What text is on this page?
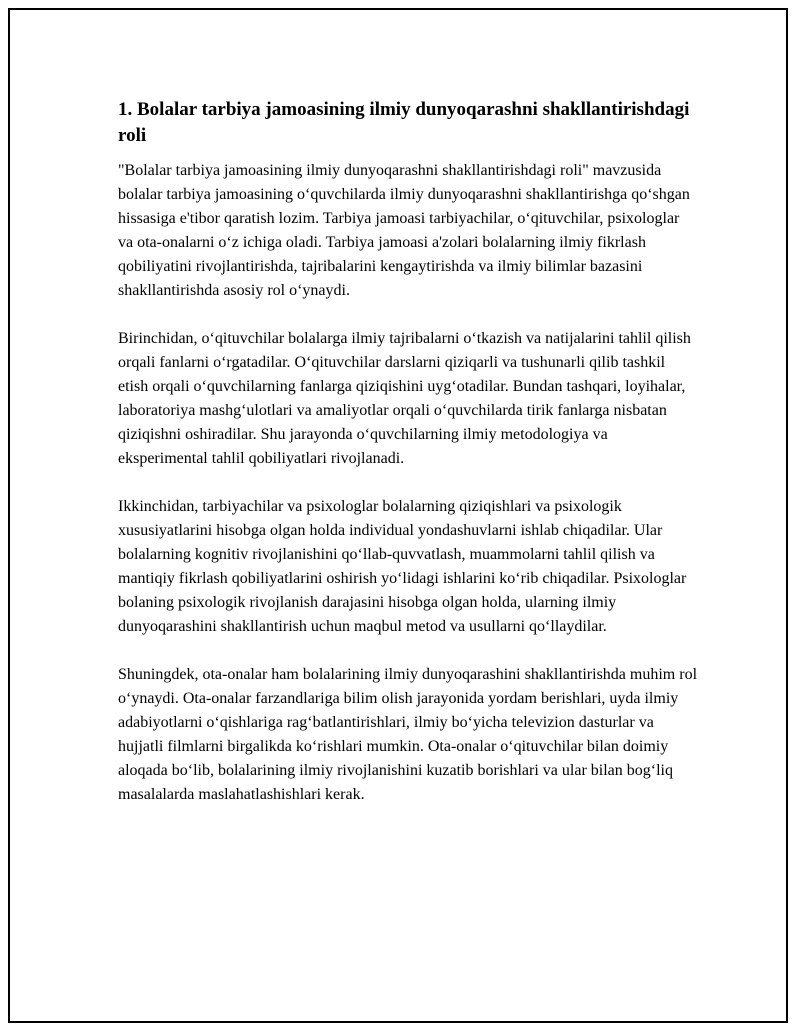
1. Bolalar tarbiya jamoasining ilmiy dunyoqarashni shakllantirishdagi roli

"Bolalar tarbiya jamoasining ilmiy dunyoqarashni shakllantirishdagi roli" mavzusida bolalar tarbiya jamoasining o‘quvchilarda ilmiy dunyoqarashni shakllantirishga qo‘shgan hissasiga e'tibor qaratish lozim. Tarbiya jamoasi tarbiyachilar, o‘qituvchilar, psixologlar va ota-onalarni o‘z ichiga oladi. Tarbiya jamoasi a'zolari bolalarning ilmiy fikrlash qobiliyatini rivojlantirishda, tajribalarini kengaytirishda va ilmiy bilimlar bazasini shakllantirishda asosiy rol o‘ynaydi.

Birinchidan, o‘qituvchilar bolalarga ilmiy tajribalarni o‘tkazish va natijalarini tahlil qilish orqali fanlarni o‘rgatadilar. O‘qituvchilar darslarni qiziqarli va tushunarli qilib tashkil etish orqali o‘quvchilarning fanlarga qiziqishini uyg‘otadilar. Bundan tashqari, loyihalar, laboratoriya mashg‘ulotlari va amaliyotlar orqali o‘quvchilarda tirik fanlarga nisbatan qiziqishni oshiradilar. Shu jarayonda o‘quvchilarning ilmiy metodologiya va eksperimental tahlil qobiliyatlari rivojlanadi.

Ikkinchidan, tarbiyachilar va psixologlar bolalarning qiziqishlari va psixologik xususiyatlarini hisobga olgan holda individual yondashuvlarni ishlab chiqadilar. Ular bolalarning kognitiv rivojlanishini qo‘llab-quvvatlash, muammolarni tahlil qilish va mantiqiy fikrlash qobiliyatlarini oshirish yo‘lidagi ishlarini ko‘rib chiqadilar. Psixologlar bolaning psixologik rivojlanish darajasini hisobga olgan holda, ularning ilmiy dunyoqarashini shakllantirish uchun maqbul metod va usullarni qo‘llaydilar.

Shuningdek, ota-onalar ham bolalarining ilmiy dunyoqarashini shakllantirishda muhim rol o‘ynaydi. Ota-onalar farzandlariga bilim olish jarayonida yordam berishlari, uyda ilmiy adabiyotlarni o‘qishlariga rag‘batlantirishlari, ilmiy bo‘yicha televizion dasturlar va hujjatli filmlarni birgalikda ko‘rishlari mumkin. Ota-onalar o‘qituvchilar bilan doimiy aloqada bo‘lib, bolalarining ilmiy rivojlanishini kuzatib borishlari va ular bilan bog‘liq masalalarda maslahatlashishlari kerak.
